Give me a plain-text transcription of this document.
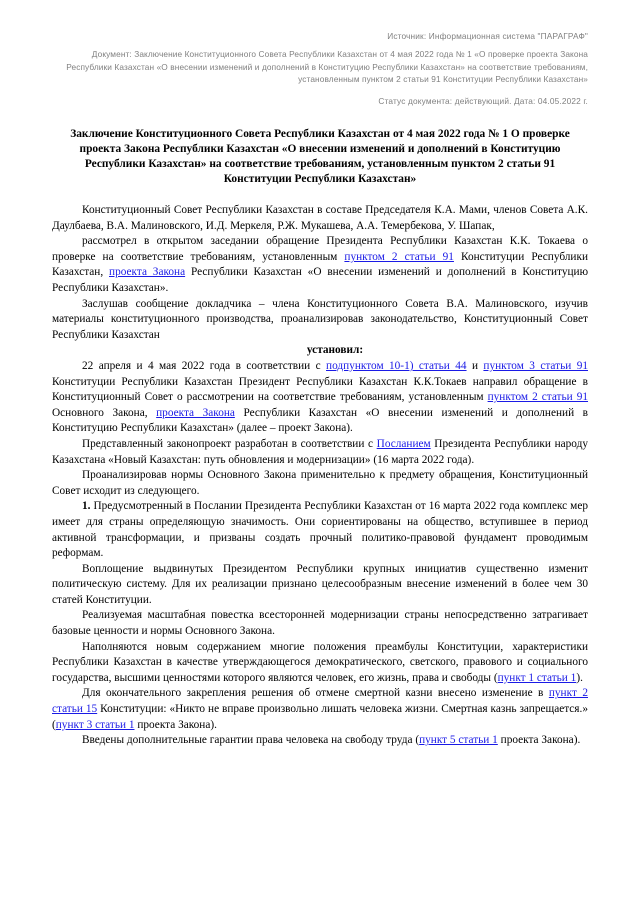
Источник: Информационная система "ПАРАГРАФ"
Документ: Заключение Конституционного Совета Республики Казахстан от 4 мая 2022 года № 1 «О проверке проекта Закона Республики Казахстан «О внесении изменений и дополнений в Конституцию Республики Казахстан» на соответствие требованиям, установленным пунктом 2 статьи 91 Конституции Республики Казахстан»
Статус документа: действующий. Дата: 04.05.2022 г.
Заключение Конституционного Совета Республики Казахстан от 4 мая 2022 года № 1 О проверке проекта Закона Республики Казахстан «О внесении изменений и дополнений в Конституцию Республики Казахстан» на соответствие требованиям, установленным пунктом 2 статьи 91 Конституции Республики Казахстан»

Конституционный Совет Республики Казахстан в составе Председателя К.А. Мами, членов Совета А.К. Даулбаева, В.А. Малиновского, И.Д. Меркеля, Р.Ж. Мукашева, А.А. Темербекова, У. Шапак,

рассмотрел в открытом заседании обращение Президента Республики Казахстан К.К. Токаева о проверке на соответствие требованиям, установленным пунктом 2 статьи 91 Конституции Республики Казахстан, проекта Закона Республики Казахстан «О внесении изменений и дополнений в Конституцию Республики Казахстан».

Заслушав сообщение докладчика – члена Конституционного Совета В.А. Малиновского, изучив материалы конституционного производства, проанализировав законодательство, Конституционный Совет Республики Казахстан

установил:

22 апреля и 4 мая 2022 года в соответствии с подпунктом 10-1) статьи 44 и пунктом 3 статьи 91 Конституции Республики Казахстан Президент Республики Казахстан К.К.Токаев направил обращение в Конституционный Совет о рассмотрении на соответствие требованиям, установленным пунктом 2 статьи 91 Основного Закона, проекта Закона Республики Казахстан «О внесении изменений и дополнений в Конституцию Республики Казахстан» (далее – проект Закона).

Представленный законопроект разработан в соответствии с Посланием Президента Республики народу Казахстана «Новый Казахстан: путь обновления и модернизации» (16 марта 2022 года).

Проанализировав нормы Основного Закона применительно к предмету обращения, Конституционный Совет исходит из следующего.

1. Предусмотренный в Послании Президента Республики Казахстан от 16 марта 2022 года комплекс мер имеет для страны определяющую значимость. Они сориентированы на общество, вступившее в период активной трансформации, и призваны создать прочный политико-правовой фундамент проводимым реформам.

Воплощение выдвинутых Президентом Республики крупных инициатив существенно изменит политическую систему. Для их реализации признано целесообразным внесение изменений в более чем 30 статей Конституции.

Реализуемая масштабная повестка всесторонней модернизации страны непосредственно затрагивает базовые ценности и нормы Основного Закона.

Наполняются новым содержанием многие положения преамбулы Конституции, характеристики Республики Казахстан в качестве утверждающегося демократического, светского, правового и социального государства, высшими ценностями которого являются человек, его жизнь, права и свободы (пункт 1 статьи 1).

Для окончательного закрепления решения об отмене смертной казни внесено изменение в пункт 2 статьи 15 Конституции: «Никто не вправе произвольно лишать человека жизни. Смертная казнь запрещается.» (пункт 3 статьи 1 проекта Закона).

Введены дополнительные гарантии права человека на свободу труда (пункт 5 статьи 1 проекта Закона).
